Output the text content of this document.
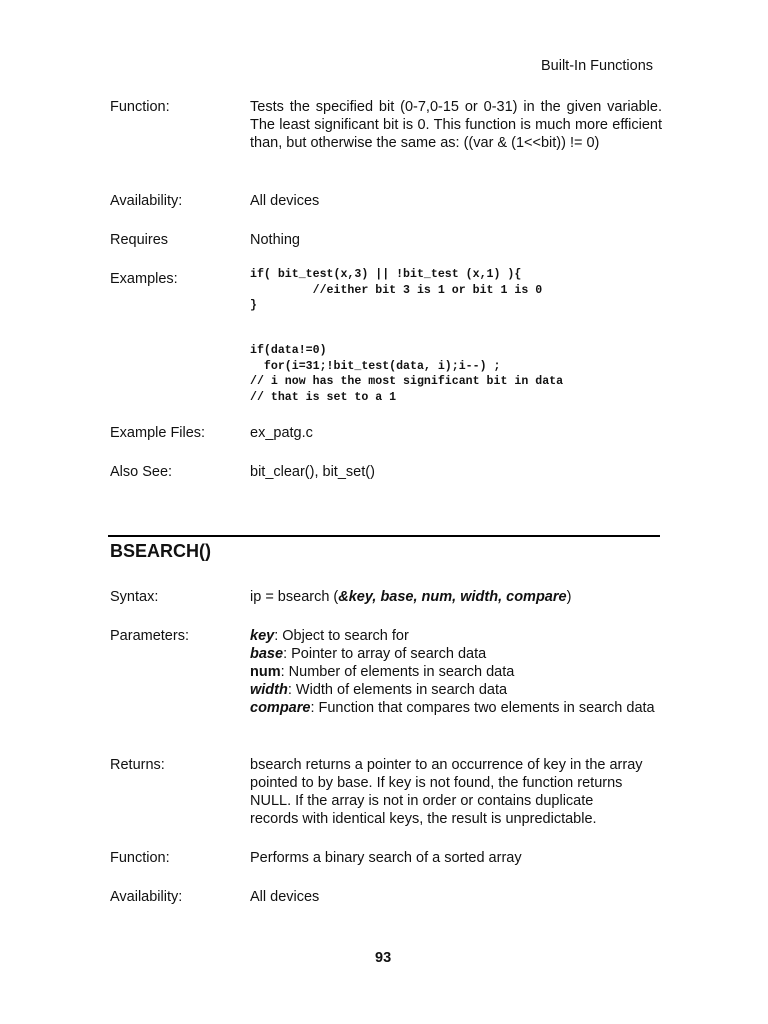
Built-In Functions
Function:	Tests the specified bit (0-7,0-15 or 0-31) in the given variable. The least significant bit is 0. This function is much more efficient than, but otherwise the same as: ((var & (1<<bit)) != 0)
Availability:	All devices
Requires	Nothing
Examples:	if( bit_test(x,3) || !bit_test (x,1) ){
//either bit 3 is 1 or bit 1 is 0
}
if(data!=0)
for(i=31;!bit_test(data, i);i--) ;
// i now has the most significant bit in data
// that is set to a 1
Example Files:	ex_patg.c
Also See:	bit_clear(), bit_set()
BSEARCH()
Syntax:	ip = bsearch (&key, base, num, width, compare)
Parameters:	key: Object to search for
base: Pointer to array of search data
num: Number of elements in search data
width: Width of elements in search data
compare: Function that compares two elements in search data
Returns:	bsearch returns a pointer to an occurrence of key in the array pointed to by base. If key is not found, the function returns NULL. If the array is not in order or contains duplicate records with identical keys, the result is unpredictable.
Function:	Performs a binary search of a sorted array
Availability:	All devices
93
